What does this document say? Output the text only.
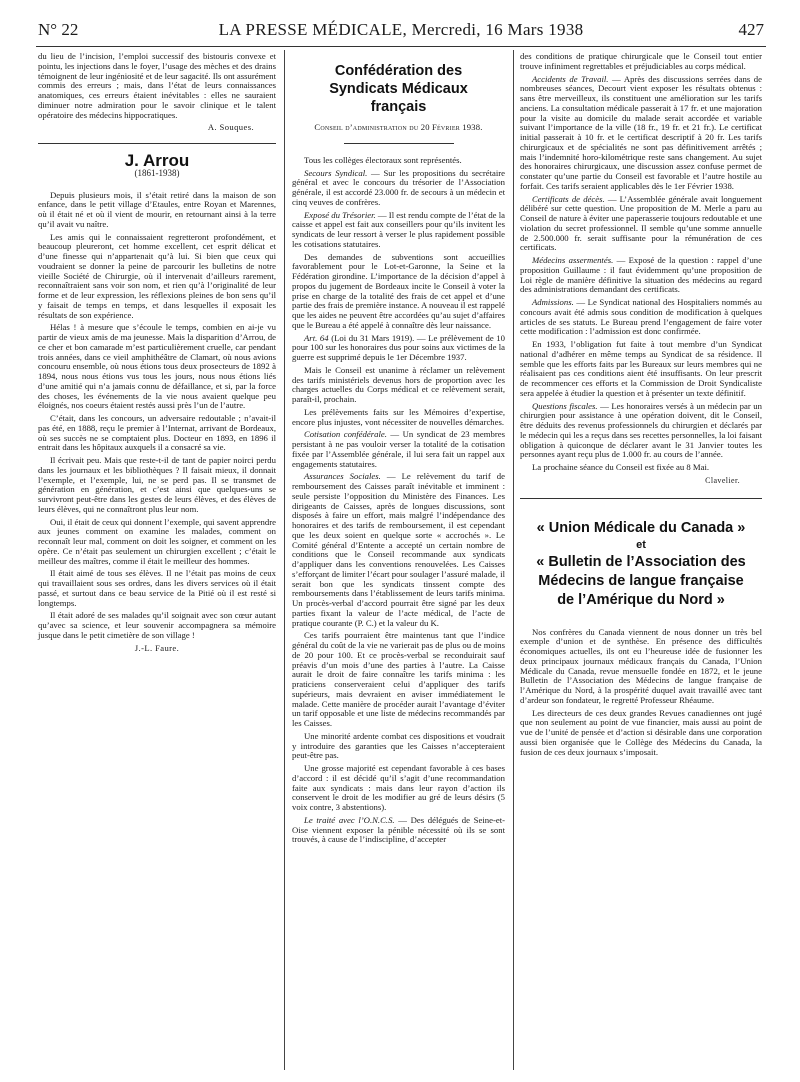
N° 22	LA PRESSE MÉDICALE, Mercredi, 16 Mars 1938	427

du lieu de l’incision, l’emploi successif des bistouris convexe et pointu, les injections dans le foyer, l’usage des mèches et des drains témoignent de leur ingéniosité et de leur sagacité. Ils ont assurément commis des erreurs ; mais, dans l’état de leurs connaissances anatomiques, ces erreurs étaient inévitables : elles ne sauraient diminuer notre admiration pour le savoir clinique et le talent opératoire des médecins hippocratiques.

A. Souques.
J. Arrou
(1861-1938)

Depuis plusieurs mois, il s’était retiré dans la maison de son enfance, dans le petit village d’Etaules, entre Royan et Marennes, où il était né et où il vient de mourir, en retournant ainsi à la terre qu’il avait vu naître.

Les amis qui le connaissaient regretteront profondément, et beaucoup pleureront, cet homme excellent, cet esprit délicat et d’une finesse qui n’appartenait qu’à lui. Si bien que ceux qui voudraient se donner la peine de parcourir les bulletins de notre vieille Société de Chirurgie, où il intervenait d’ailleurs rarement, reconnaîtraient sans voir son nom, et rien qu’à l’originalité de leur forme et de leur expression, les réflexions pleines de bon sens qu’il y faisait de temps en temps, et dans lesquelles il exposait les résultats de son expérience.

Hélas ! à mesure que s’écoule le temps, combien en ai-je vu partir de vieux amis de ma jeunesse. Mais la disparition d’Arrou, de ce cher et bon camarade m’est particulièrement cruelle, car pendant trois années, dans ce vieil amphithéâtre de Clamart, où nous avions concouru ensemble, où nous étions tous deux prosecteurs de 1892 à 1894, nous nous étions vus tous les jours, nous nous étions liés d’une amitié qui n’a jamais connu de défaillance, et si, par la force des choses, les événements de la vie nous avaient quelque peu éloignés, nos coeurs étaient restés aussi près l’un de l’autre.

C’était, dans les concours, un adversaire redoutable ; n’avait-il pas été, en 1888, reçu le premier à l’Internat, arrivant de Bordeaux, où ses succès ne se comptaient plus. Docteur en 1893, en 1896 il entrait dans les hôpitaux auxquels il a consacré sa vie.

Il écrivait peu. Mais que reste-t-il de tant de papier noirci perdu dans les journaux et les bibliothèques ? Il faisait mieux, il donnait l’exemple, et l’exemple, lui, ne se perd pas. Il se transmet de génération en génération, et c’est ainsi que quelques-uns se survivront peut-être dans les gestes de leurs élèves, et des élèves de leurs élèves, qui ne connaîtront plus leur nom.

Oui, il était de ceux qui donnent l’exemple, qui savent apprendre aux jeunes comment on examine les malades, comment on reconnaît leur mal, comment on doit les soigner, et comment on les opère. Ce n’était pas seulement un chirurgien excellent ; c’était le meilleur des maîtres, comme il était le meilleur des hommes.

Il était aimé de tous ses élèves. Il ne l’était pas moins de ceux qui travaillaient sous ses ordres, dans les divers services où il était passé, et surtout dans ce beau service de la Pitié où il est resté si longtemps.

Il était adoré de ses malades qu’il soignait avec son cœur autant qu’avec sa science, et leur souvenir accompagnera sa mémoire jusque dans le petit cimetière de son village !

J.-L. Faure.
Confédération des Syndicats Médicaux français
Conseil d’administration du 20 Février 1938.

Tous les collèges électoraux sont représentés.

Secours Syndical. — Sur les propositions du secrétaire général et avec le concours du trésorier de l’Association générale, il est accordé 23.000 fr. de secours à un médecin et cinq veuves de confrères.

Exposé du Trésorier. — Il est rendu compte de l’état de la caisse et appel est fait aux conseillers pour qu’ils invitent les syndicats de leur ressort à verser le plus rapidement possible les cotisations statutaires.

Des demandes de subventions sont accueillies favorablement pour le Lot-et-Garonne, la Seine et la Fédération girondine. L’importance de la décision d’appel à propos du jugement de Bordeaux incite le Conseil à voter la prise en charge de la totalité des frais de cet appel et d’une partie des frais de première instance. A nouveau il est rappelé que les aides ne peuvent être accordées qu’au sujet d’affaires que le Bureau a été appelé à connaître dès leur naissance.

Art. 64 (Loi du 31 Mars 1919). — Le prélèvement de 10 pour 100 sur les honoraires dus pour soins aux victimes de la guerre est supprimé depuis le 1er Décembre 1937.

Mais le Conseil est unanime à réclamer un relèvement des tarifs ministériels devenus hors de proportion avec les charges actuelles du Corps médical et ce relèvement serait, paraît-il, prochain.

Les prélèvements faits sur les Mémoires d’expertise, encore plus injustes, vont nécessiter de nouvelles démarches.

Cotisation confédérale. — Un syndicat de 23 membres persistant à ne pas vouloir verser la totalité de la cotisation fixée par l’Assemblée générale, il lui sera fait un rappel aux engagements statutaires.

Assurances Sociales. — Le relèvement du tarif de remboursement des Caisses paraît inévitable et imminent : seule persiste l’opposition du Ministère des Finances. Les dirigeants de Caisses, après de longues discussions, sont disposés à faire un effort, mais malgré l’indépendance des honoraires et des tarifs de remboursement, il est cependant que les deux soient en quelque sorte « accrochés ». Le Comité général d’Entente a accepté un certain nombre de conditions que le Conseil recommande aux syndicats d’appliquer dans les conventions renouvelées. Les Caisses s’efforçant de limiter l’écart pour soulager l’assuré malade, il serait bon que les syndicats tinssent compte des remboursements dans l’établissement de leurs tarifs minima. Un procès-verbal d’accord pourrait être signé par les deux parties fixant la valeur de l’acte médical, de l’acte de pratique courante (P. C.) et la valeur du K.

Ces tarifs pourraient être maintenus tant que l’indice général du coût de la vie ne varierait pas de plus ou de moins de 20 pour 100. Et ce procès-verbal se reconduirait sauf préavis d’un mois d’une des parties à l’autre. La Caisse aurait le droit de faire connaître les tarifs minima : les praticiens conserveraient celui d’appliquer des tarifs supérieurs, mais devraient en aviser immédiatement le malade. Cette manière de procéder aurait l’avantage d’éviter un tarif opposable et une liste de médecins recommandés par les Caisses.

Une minorité ardente combat ces dispositions et voudrait y introduire des garanties que les Caisses n’accepteraient peut-être pas.

Une grosse majorité est cependant favorable à ces bases d’accord : il est décidé qu’il s’agit d’une recommandation faite aux syndicats : mais dans leur rayon d’action ils conservent le droit de les modifier au gré de leurs désirs (5 voix contre, 3 abstentions).

Le traité avec l’O.N.C.S. — Des délégués de Seine-et-Oise viennent exposer la pénible nécessité où ils se sont trouvés, à cause de l’indiscipline, d’accepter

des conditions de pratique chirurgicale que le Conseil tout entier trouve infiniment regrettables et préjudiciables au corps médical.

Accidents de Travail. — Après des discussions serrées dans de nombreuses séances, Decourt vient exposer les résultats obtenus : sans être merveilleux, ils constituent une amélioration sur les tarifs anciens. La consultation médicale passerait à 17 fr. et une majoration pour la visite au domicile du malade serait accordée et variable suivant l’importance de la ville (18 fr., 19 fr. et 21 fr.). Le certificat initial passerait à 10 fr. et le certificat descriptif à 20 fr. Les tarifs chirurgicaux et de spécialités ne sont pas définitivement arrêtés ; mais l’indemnité horo-kilométrique reste sans changement. Au sujet des honoraires chirurgicaux, une discussion assez confuse permet de constater qu’une partie du Conseil est favorable et l’autre hostile au forfait. Ces tarifs seraient applicables dès le 1er Février 1938.

Certificats de décès. — L’Assemblée générale avait longuement délibéré sur cette question. Une proposition de M. Merle a paru au Conseil de nature à éviter une paperasserie toujours redoutable et une violation du secret professionnel. Il semble qu’une somme annuelle de 2.500.000 fr. serait suffisante pour la rémunération de ces certificats.

Médecins assermentés. — Exposé de la question : rappel d’une proposition Guillaume : il faut évidemment qu’une proposition de Loi règle de manière définitive la situation des médecins au regard des administrations demandant des certificats.

Admissions. — Le Syndicat national des Hospitaliers nommés au concours avait été admis sous condition de modification à quelques articles de ses statuts. Le Bureau prend l’engagement de faire voter cette modification : l’admission est donc confirmée.

En 1933, l’obligation fut faite à tout membre d’un Syndicat national d’adhérer en même temps au Syndicat de sa résidence. Il semble que les efforts faits par les Bureaux sur leurs membres qui ne réalisaient pas ces conditions aient été insuffisants. On leur prescrit de recommencer ces efforts et la Commission de Droit Syndicaliste sera appelée à étudier la question et à présenter un texte définitif.

Questions fiscales. — Les honoraires versés à un médecin par un chirurgien pour assistance à une opération doivent, dit le Conseil, être déduits des revenus professionnels du chirurgien et déclarés par le médecin qui les a reçus dans ses recettes personnelles, la loi faisant obligation à quiconque de déclarer avant le 31 Janvier toutes les personnes ayant reçu plus de 1.000 fr. au cours de l’année.

La prochaine séance du Conseil est fixée au 8 Mai.

Clavelier.
« Union Médicale du Canada »
et
« Bulletin de l’Association des Médecins de langue française de l’Amérique du Nord »

Nos confrères du Canada viennent de nous donner un très bel exemple d’union et de synthèse. En présence des difficultés économiques actuelles, ils ont eu l’heureuse idée de fusionner les deux principaux journaux médicaux français du Canada, l’Union Médicale du Canada, revue mensuelle fondée en 1872, et le jeune Bulletin de l’Association des Médecins de langue française de l’Amérique du Nord, à la prospérité duquel avait travaillé avec tant d’ardeur son fondateur, le regretté Professeur Rhéaume.

Les directeurs de ces deux grandes Revues canadiennes ont jugé que non seulement au point de vue financier, mais aussi au point de vue de l’unité de pensée et d’action si désirable dans une corporation aussi bien organisée que le Collège des Médecins du Canada, la fusion de ces deux journaux s’imposait.
